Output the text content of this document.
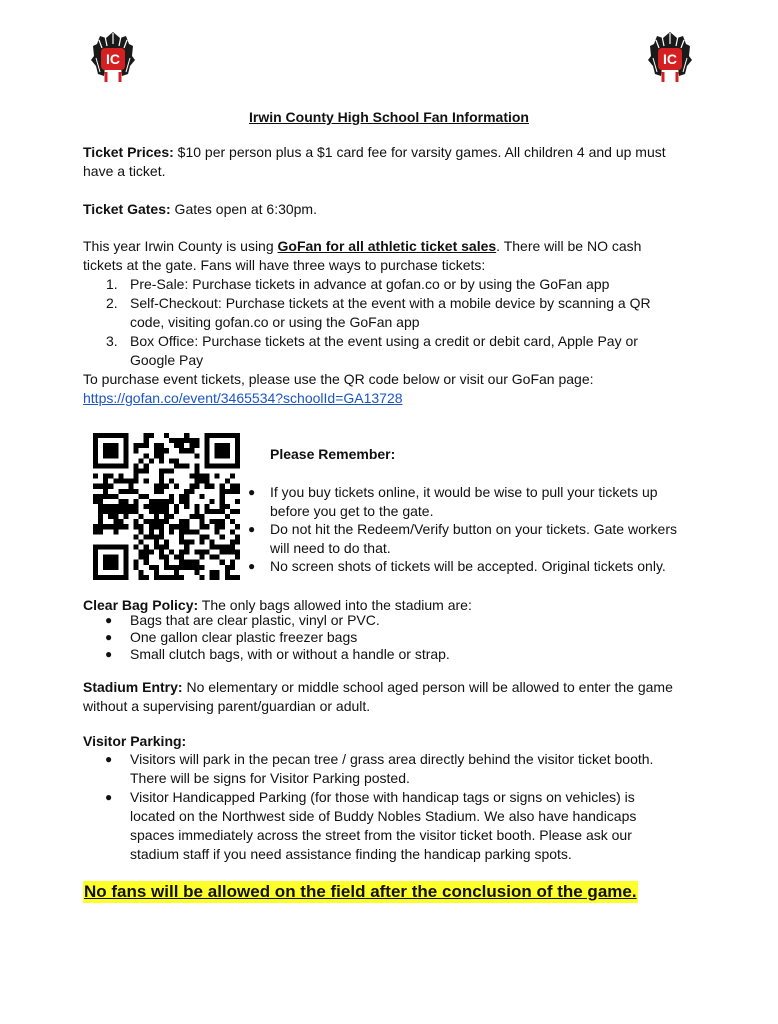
IC	IC
Irwin County High School Fan Information
Ticket Prices: $10 per person plus a $1 card fee for varsity games. All children 4 and up must
have a ticket.
Ticket Gates: Gates open at 6:30pm.
This year Irwin County is using GoFan for all athletic ticket sales. There will be NO cash
tickets at the gate. Fans will have three ways to purchase tickets:
1. Pre-Sale: Purchase tickets in advance at gofan.co or by using the GoFan app
2. Self-Checkout: Purchase tickets at the event with a mobile device by scanning a QR
code, visiting gofan.co or using the GoFan app
3. Box Office: Purchase tickets at the event using a credit or debit card, Apple Pay or
Google Pay
To purchase event tickets, please use the QR code below or visit our GoFan page:
https://gofan.co/event/3465534?schoolId=GA13728
Please Remember:
● If you buy tickets online, it would be wise to pull your tickets up
before you get to the gate.
● Do not hit the Redeem/Verify button on your tickets. Gate workers
will need to do that.
● No screen shots of tickets will be accepted. Original tickets only.
Clear Bag Policy: The only bags allowed into the stadium are:
● Bags that are clear plastic, vinyl or PVC.
● One gallon clear plastic freezer bags
● Small clutch bags, with or without a handle or strap.
Stadium Entry: No elementary or middle school aged person will be allowed to enter the game
without a supervising parent/guardian or adult.
Visitor Parking:
● Visitors will park in the pecan tree / grass area directly behind the visitor ticket booth.
There will be signs for Visitor Parking posted.
● Visitor Handicapped Parking (for those with handicap tags or signs on vehicles) is
located on the Northwest side of Buddy Nobles Stadium. We also have handicaps
spaces immediately across the street from the visitor ticket booth. Please ask our
stadium staff if you need assistance finding the handicap parking spots.
No fans will be allowed on the field after the conclusion of the game.
